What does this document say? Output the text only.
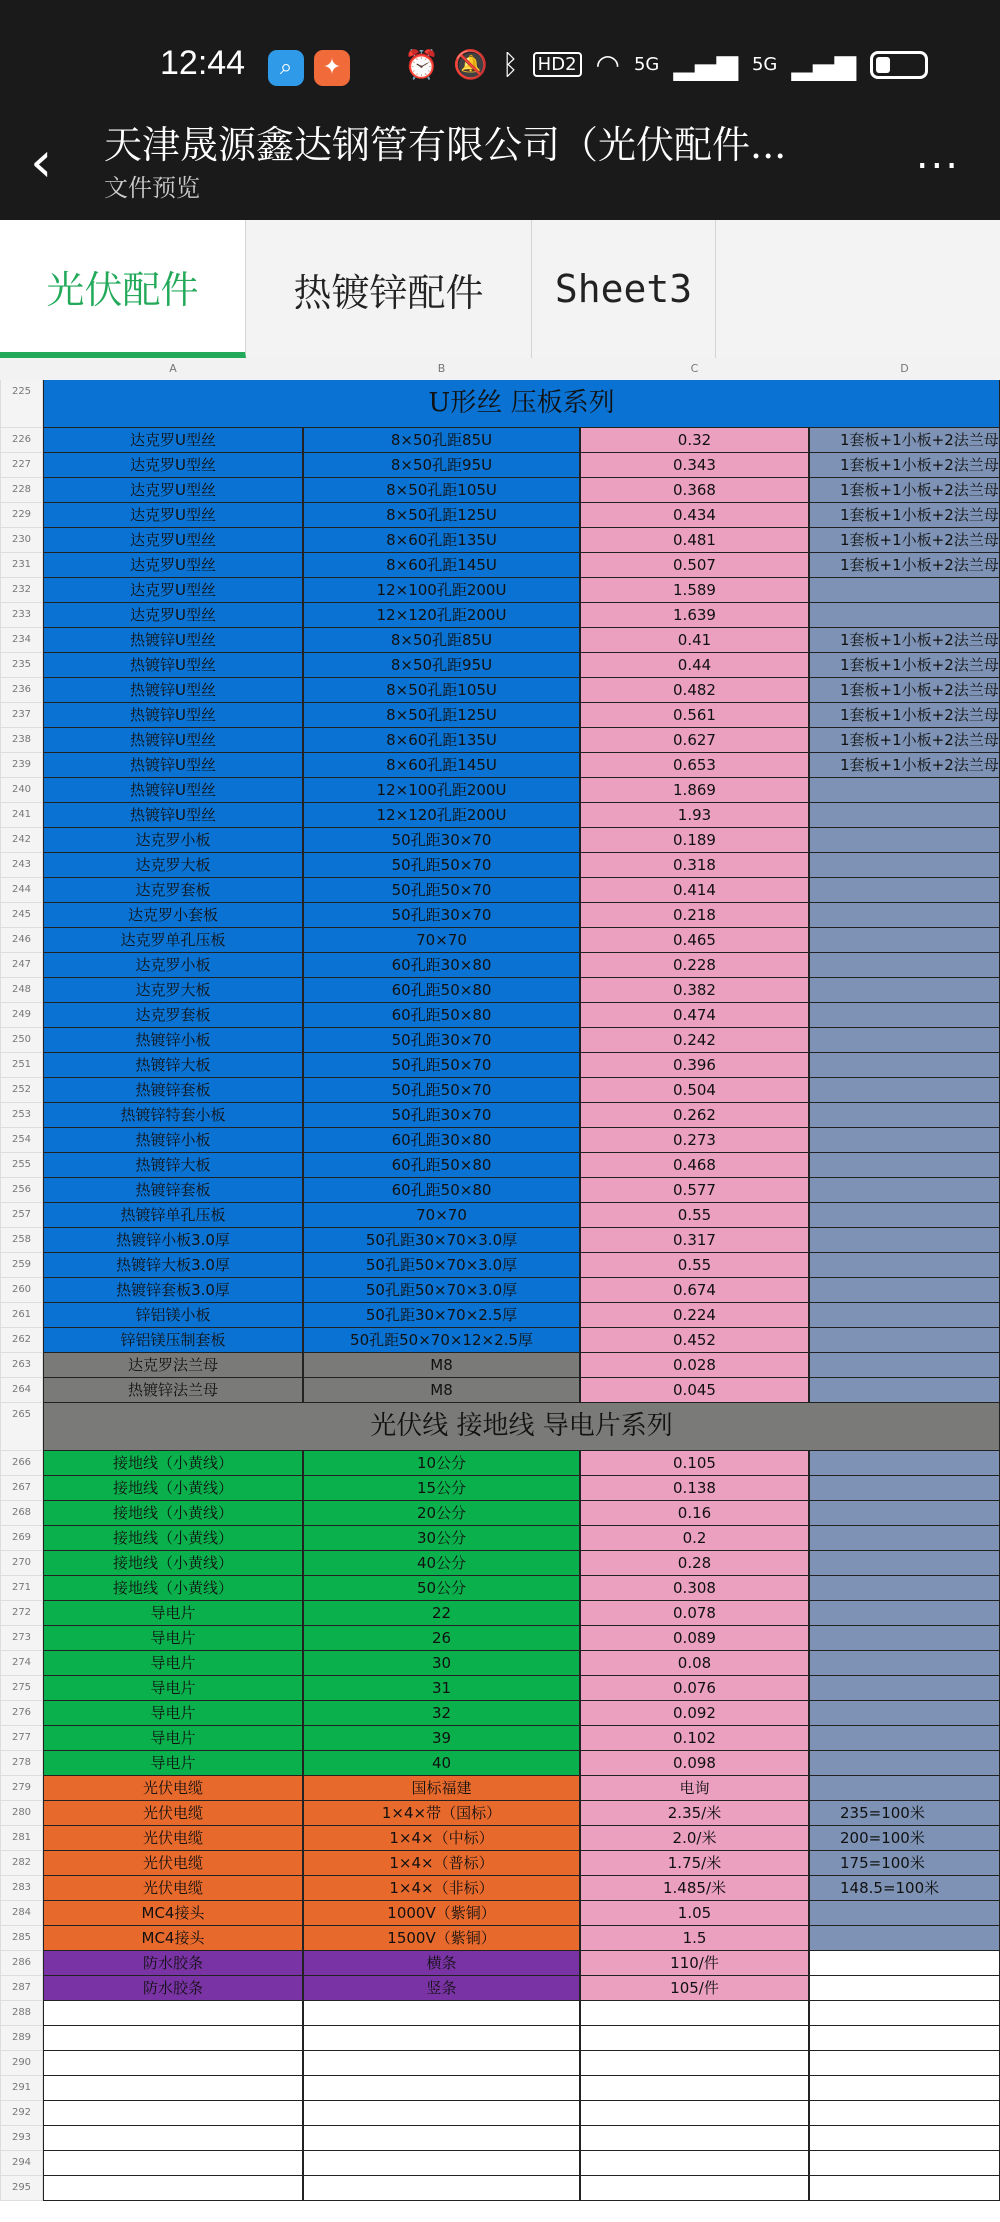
12:44	⌕	✦	⏰ 🔕 ᛒ HD2 ◠ 5G ▂▄▆ 5G ▂▄▆
‹ 天津晟源鑫达钢管有限公司（光伏配件...
文件预览
...
光伏配件	热镀锌配件	Sheet3
A	B	C	D
225	U形丝 压板系列
226	达克罗U型丝	8×50孔距85U	0.32	1套板+1小板+2法兰母
227	达克罗U型丝	8×50孔距95U	0.343	1套板+1小板+2法兰母
228	达克罗U型丝	8×50孔距105U	0.368	1套板+1小板+2法兰母
229	达克罗U型丝	8×50孔距125U	0.434	1套板+1小板+2法兰母
230	达克罗U型丝	8×60孔距135U	0.481	1套板+1小板+2法兰母
231	达克罗U型丝	8×60孔距145U	0.507	1套板+1小板+2法兰母
232	达克罗U型丝	12×100孔距200U	1.589
233	达克罗U型丝	12×120孔距200U	1.639
234	热镀锌U型丝	8×50孔距85U	0.41	1套板+1小板+2法兰母
235	热镀锌U型丝	8×50孔距95U	0.44	1套板+1小板+2法兰母
236	热镀锌U型丝	8×50孔距105U	0.482	1套板+1小板+2法兰母
237	热镀锌U型丝	8×50孔距125U	0.561	1套板+1小板+2法兰母
238	热镀锌U型丝	8×60孔距135U	0.627	1套板+1小板+2法兰母
239	热镀锌U型丝	8×60孔距145U	0.653	1套板+1小板+2法兰母
240	热镀锌U型丝	12×100孔距200U	1.869
241	热镀锌U型丝	12×120孔距200U	1.93
242	达克罗小板	50孔距30×70	0.189
243	达克罗大板	50孔距50×70	0.318
244	达克罗套板	50孔距50×70	0.414
245	达克罗小套板	50孔距30×70	0.218
246	达克罗单孔压板	70×70	0.465
247	达克罗小板	60孔距30×80	0.228
248	达克罗大板	60孔距50×80	0.382
249	达克罗套板	60孔距50×80	0.474
250	热镀锌小板	50孔距30×70	0.242
251	热镀锌大板	50孔距50×70	0.396
252	热镀锌套板	50孔距50×70	0.504
253	热镀锌特套小板	50孔距30×70	0.262
254	热镀锌小板	60孔距30×80	0.273
255	热镀锌大板	60孔距50×80	0.468
256	热镀锌套板	60孔距50×80	0.577
257	热镀锌单孔压板	70×70	0.55
258	热镀锌小板3.0厚	50孔距30×70×3.0厚	0.317
259	热镀锌大板3.0厚	50孔距50×70×3.0厚	0.55
260	热镀锌套板3.0厚	50孔距50×70×3.0厚	0.674
261	锌铝镁小板	50孔距30×70×2.5厚	0.224
262	锌铝镁压制套板	50孔距50×70×12×2.5厚	0.452
263	达克罗法兰母	M8	0.028
264	热镀锌法兰母	M8	0.045
265	光伏线 接地线 导电片系列
266	接地线（小黄线）	10公分	0.105
267	接地线（小黄线）	15公分	0.138
268	接地线（小黄线）	20公分	0.16
269	接地线（小黄线）	30公分	0.2
270	接地线（小黄线）	40公分	0.28
271	接地线（小黄线）	50公分	0.308
272	导电片	22	0.078
273	导电片	26	0.089
274	导电片	30	0.08
275	导电片	31	0.076
276	导电片	32	0.092
277	导电片	39	0.102
278	导电片	40	0.098
279	光伏电缆	国标福建	电询
280	光伏电缆	1×4×带（国标）	2.35/米	235=100米
281	光伏电缆	1×4×（中标）	2.0/米	200=100米
282	光伏电缆	1×4×（普标）	1.75/米	175=100米
283	光伏电缆	1×4×（非标）	1.485/米	148.5=100米
284	MC4接头	1000V（紫铜）	1.05
285	MC4接头	1500V（紫铜）	1.5
286	防水胶条	横条	110/件
287	防水胶条	竖条	105/件
288
289
290
291
292
293
294
295
